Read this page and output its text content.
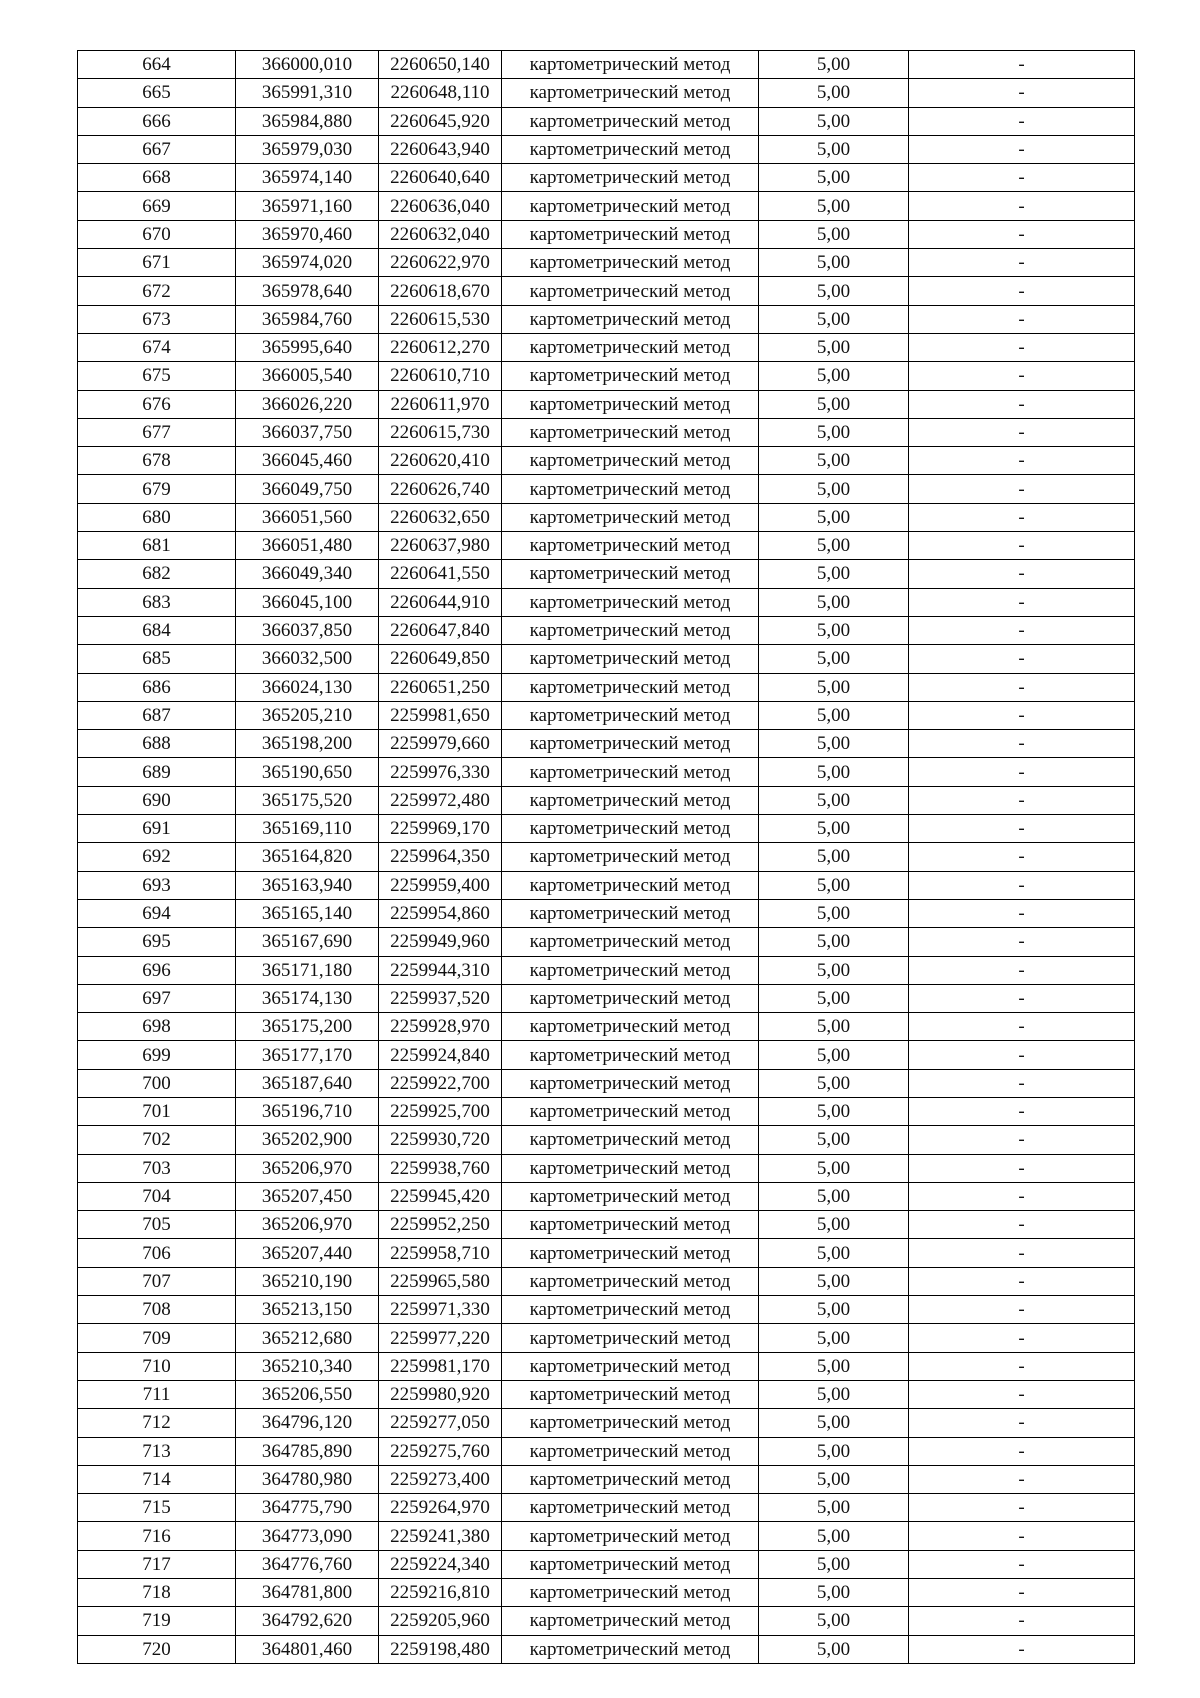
664	366000,010	2260650,140	картометрический метод	5,00	-
665	365991,310	2260648,110	картометрический метод	5,00	-
666	365984,880	2260645,920	картометрический метод	5,00	-
667	365979,030	2260643,940	картометрический метод	5,00	-
668	365974,140	2260640,640	картометрический метод	5,00	-
669	365971,160	2260636,040	картометрический метод	5,00	-
670	365970,460	2260632,040	картометрический метод	5,00	-
671	365974,020	2260622,970	картометрический метод	5,00	-
672	365978,640	2260618,670	картометрический метод	5,00	-
673	365984,760	2260615,530	картометрический метод	5,00	-
674	365995,640	2260612,270	картометрический метод	5,00	-
675	366005,540	2260610,710	картометрический метод	5,00	-
676	366026,220	2260611,970	картометрический метод	5,00	-
677	366037,750	2260615,730	картометрический метод	5,00	-
678	366045,460	2260620,410	картометрический метод	5,00	-
679	366049,750	2260626,740	картометрический метод	5,00	-
680	366051,560	2260632,650	картометрический метод	5,00	-
681	366051,480	2260637,980	картометрический метод	5,00	-
682	366049,340	2260641,550	картометрический метод	5,00	-
683	366045,100	2260644,910	картометрический метод	5,00	-
684	366037,850	2260647,840	картометрический метод	5,00	-
685	366032,500	2260649,850	картометрический метод	5,00	-
686	366024,130	2260651,250	картометрический метод	5,00	-
687	365205,210	2259981,650	картометрический метод	5,00	-
688	365198,200	2259979,660	картометрический метод	5,00	-
689	365190,650	2259976,330	картометрический метод	5,00	-
690	365175,520	2259972,480	картометрический метод	5,00	-
691	365169,110	2259969,170	картометрический метод	5,00	-
692	365164,820	2259964,350	картометрический метод	5,00	-
693	365163,940	2259959,400	картометрический метод	5,00	-
694	365165,140	2259954,860	картометрический метод	5,00	-
695	365167,690	2259949,960	картометрический метод	5,00	-
696	365171,180	2259944,310	картометрический метод	5,00	-
697	365174,130	2259937,520	картометрический метод	5,00	-
698	365175,200	2259928,970	картометрический метод	5,00	-
699	365177,170	2259924,840	картометрический метод	5,00	-
700	365187,640	2259922,700	картометрический метод	5,00	-
701	365196,710	2259925,700	картометрический метод	5,00	-
702	365202,900	2259930,720	картометрический метод	5,00	-
703	365206,970	2259938,760	картометрический метод	5,00	-
704	365207,450	2259945,420	картометрический метод	5,00	-
705	365206,970	2259952,250	картометрический метод	5,00	-
706	365207,440	2259958,710	картометрический метод	5,00	-
707	365210,190	2259965,580	картометрический метод	5,00	-
708	365213,150	2259971,330	картометрический метод	5,00	-
709	365212,680	2259977,220	картометрический метод	5,00	-
710	365210,340	2259981,170	картометрический метод	5,00	-
711	365206,550	2259980,920	картометрический метод	5,00	-
712	364796,120	2259277,050	картометрический метод	5,00	-
713	364785,890	2259275,760	картометрический метод	5,00	-
714	364780,980	2259273,400	картометрический метод	5,00	-
715	364775,790	2259264,970	картометрический метод	5,00	-
716	364773,090	2259241,380	картометрический метод	5,00	-
717	364776,760	2259224,340	картометрический метод	5,00	-
718	364781,800	2259216,810	картометрический метод	5,00	-
719	364792,620	2259205,960	картометрический метод	5,00	-
720	364801,460	2259198,480	картометрический метод	5,00	-
